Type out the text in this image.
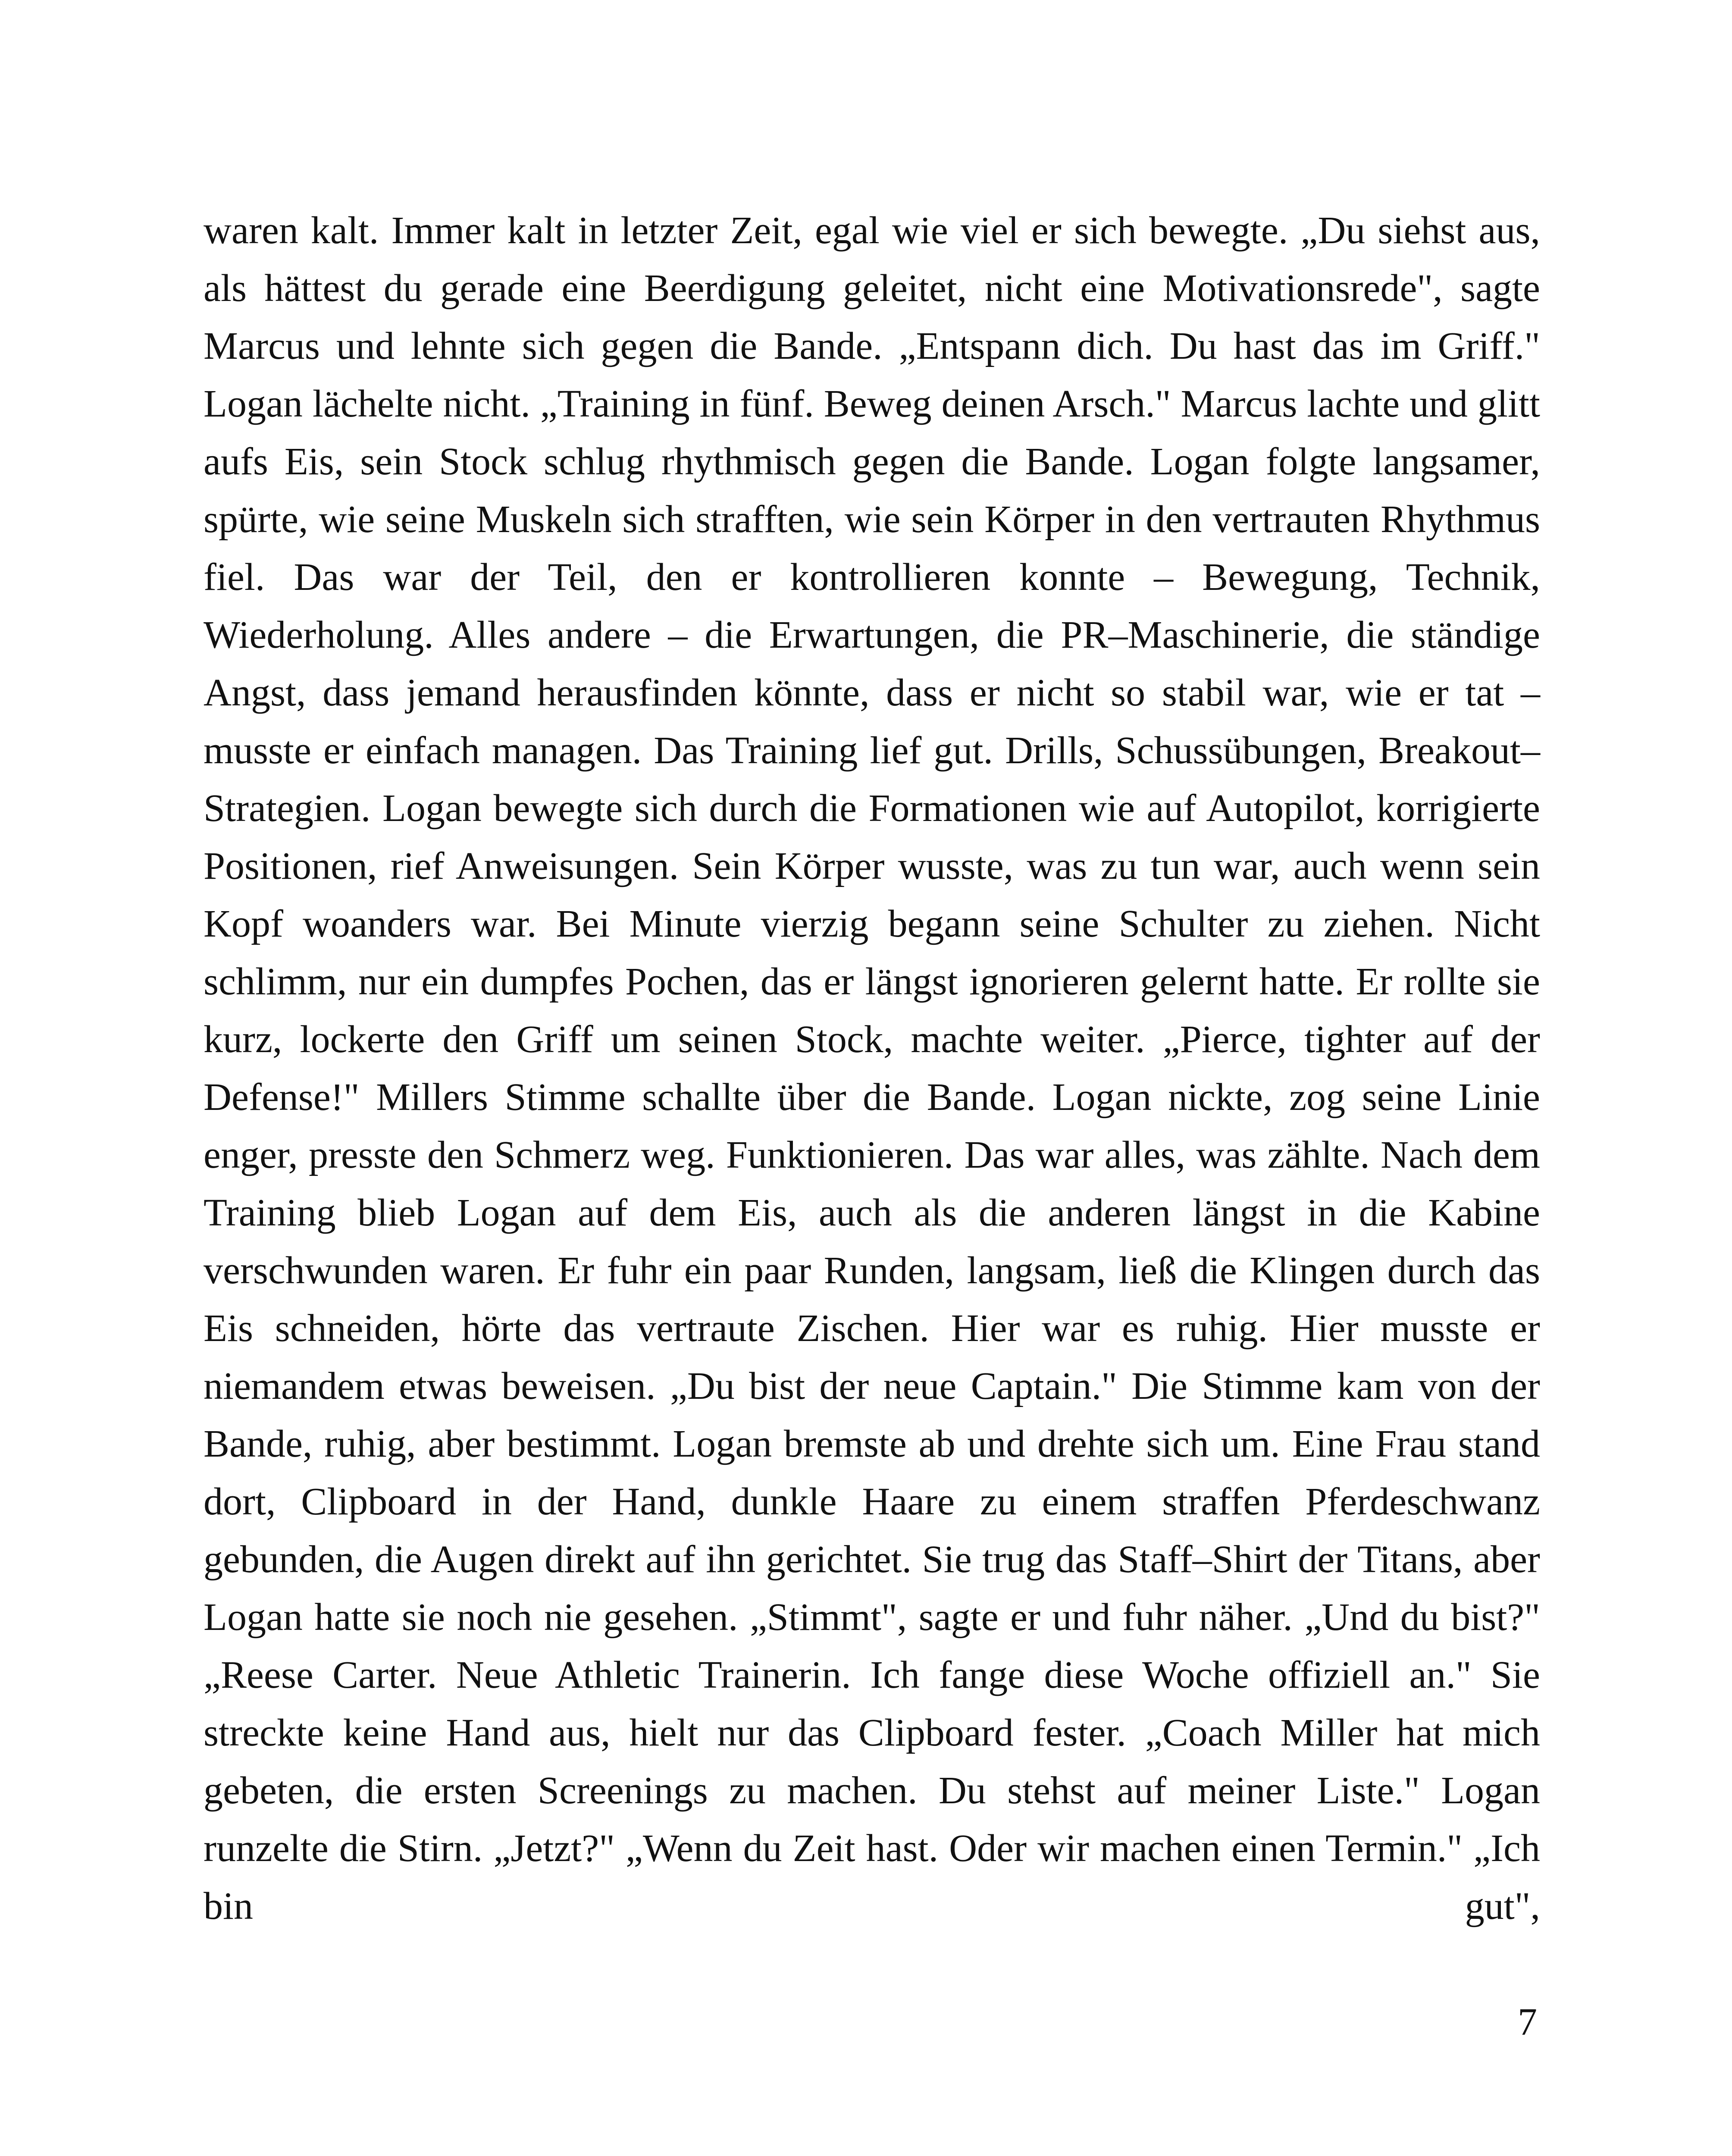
waren kalt. Immer kalt in letzter Zeit, egal wie viel er sich bewegte. „Du siehst aus, als hättest du gerade eine Beerdigung geleitet, nicht eine Motivationsrede", sagte Marcus und lehnte sich gegen die Bande. „Entspann dich. Du hast das im Griff." Logan lächelte nicht. „Training in fünf. Beweg deinen Arsch." Marcus lachte und glitt aufs Eis, sein Stock schlug rhythmisch gegen die Bande. Logan folgte langsamer, spürte, wie seine Muskeln sich strafften, wie sein Körper in den vertrauten Rhythmus fiel. Das war der Teil, den er kontrollieren konnte – Bewegung, Technik, Wiederholung. Alles andere – die Erwartungen, die PR–Maschinerie, die ständige Angst, dass jemand herausfinden könnte, dass er nicht so stabil war, wie er tat – musste er einfach managen. Das Training lief gut. Drills, Schussübungen, Breakout–Strategien. Logan bewegte sich durch die Formationen wie auf Autopilot, korrigierte Positionen, rief Anweisungen. Sein Körper wusste, was zu tun war, auch wenn sein Kopf woanders war. Bei Minute vierzig begann seine Schulter zu ziehen. Nicht schlimm, nur ein dumpfes Pochen, das er längst ignorieren gelernt hatte. Er rollte sie kurz, lockerte den Griff um seinen Stock, machte weiter. „Pierce, tighter auf der Defense!" Millers Stimme schallte über die Bande. Logan nickte, zog seine Linie enger, presste den Schmerz weg. Funktionieren. Das war alles, was zählte. Nach dem Training blieb Logan auf dem Eis, auch als die anderen längst in die Kabine verschwunden waren. Er fuhr ein paar Runden, langsam, ließ die Klingen durch das Eis schneiden, hörte das vertraute Zischen. Hier war es ruhig. Hier musste er niemandem etwas beweisen. „Du bist der neue Captain." Die Stimme kam von der Bande, ruhig, aber bestimmt. Logan bremste ab und drehte sich um. Eine Frau stand dort, Clipboard in der Hand, dunkle Haare zu einem straffen Pferdeschwanz gebunden, die Augen direkt auf ihn gerichtet. Sie trug das Staff–Shirt der Titans, aber Logan hatte sie noch nie gesehen. „Stimmt", sagte er und fuhr näher. „Und du bist?" „Reese Carter. Neue Athletic Trainerin. Ich fange diese Woche offiziell an." Sie streckte keine Hand aus, hielt nur das Clipboard fester. „Coach Miller hat mich gebeten, die ersten Screenings zu machen. Du stehst auf meiner Liste." Logan runzelte die Stirn. „Jetzt?" „Wenn du Zeit hast. Oder wir machen einen Termin." „Ich bin gut",

7
